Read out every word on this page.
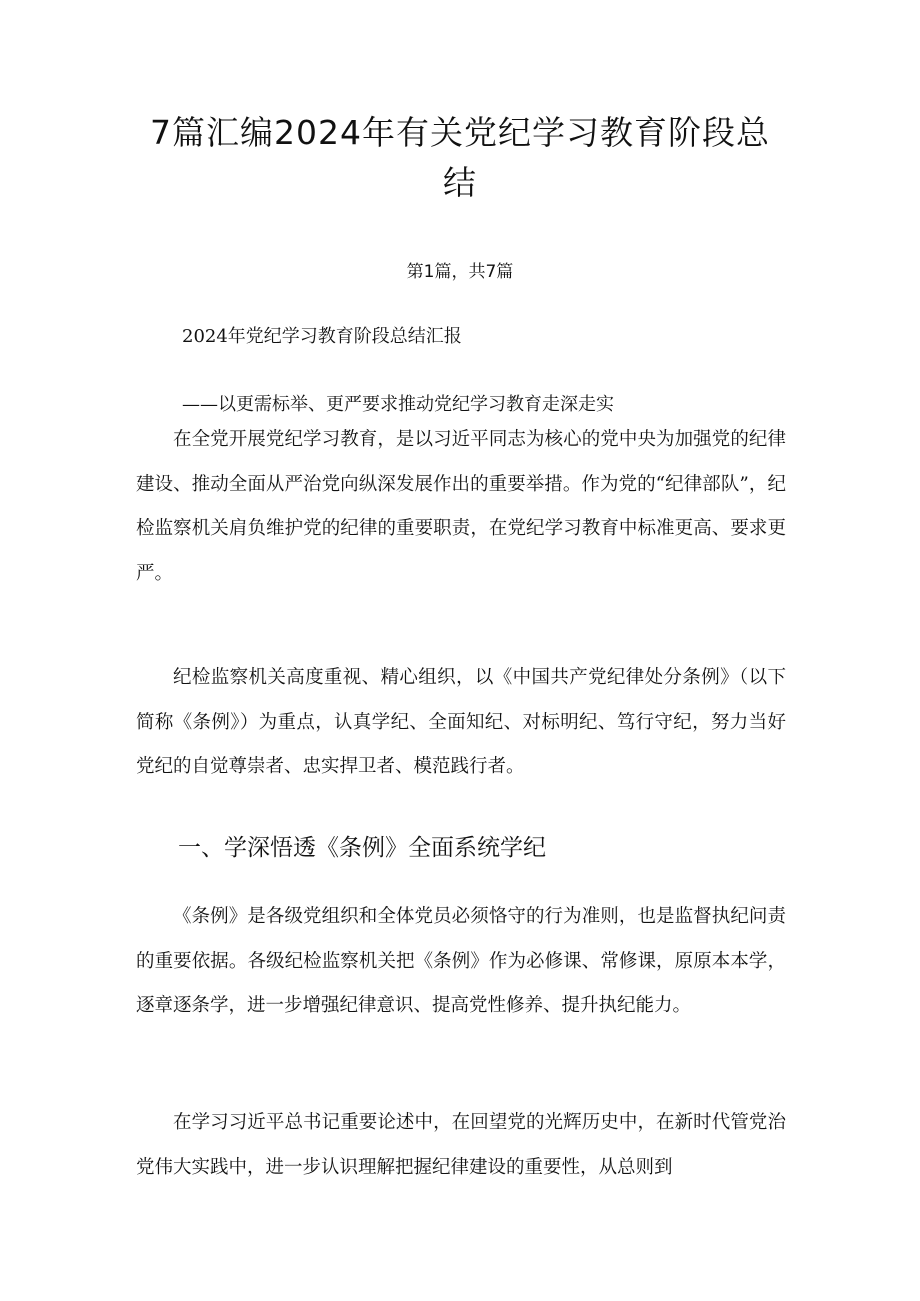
7篇汇编2024年有关党纪学习教育阶段总结
第1篇，共7篇

2024年党纪学习教育阶段总结汇报

——以更需标举、更严要求推动党纪学习教育走深走实

在全党开展党纪学习教育，是以习近平同志为核心的党中央为加强党的纪律建设、推动全面从严治党向纵深发展作出的重要举措。作为党的“纪律部队”，纪检监察机关肩负维护党的纪律的重要职责，在党纪学习教育中标准更高、要求更严。

纪检监察机关高度重视、精心组织，以《中国共产党纪律处分条例》（以下简称《条例》）为重点，认真学纪、全面知纪、对标明纪、笃行守纪，努力当好党纪的自觉尊崇者、忠实捍卫者、模范践行者。

一、学深悟透《条例》全面系统学纪

《条例》是各级党组织和全体党员必须恪守的行为准则，也是监督执纪问责的重要依据。各级纪检监察机关把《条例》作为必修课、常修课，原原本本学，逐章逐条学，进一步增强纪律意识、提高党性修养、提升执纪能力。

在学习习近平总书记重要论述中，在回望党的光辉历史中，在新时代管党治党伟大实践中，进一步认识理解把握纪律建设的重要性，从总则到
